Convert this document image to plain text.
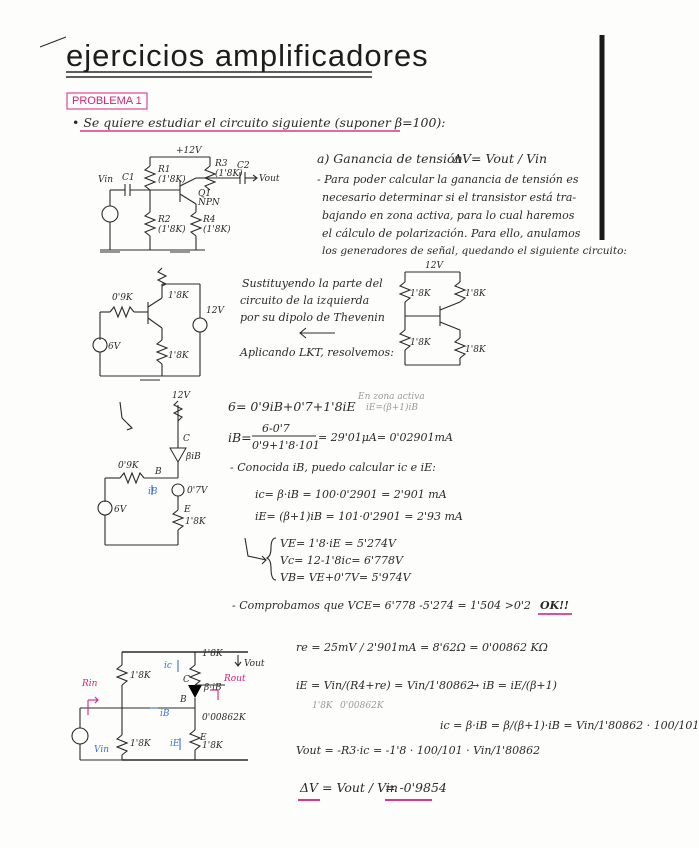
ejercicios amplificadores
PROBLEMA 1
• Se quiere estudiar el circuito siguiente (suponer β=100):
+12V
R1
(1'8K)
R3
(1'8K)
R2
(1'8K)
R4
(1'8K)
Q1
NPN
C1
C2
Vin	Vout
a) Ganancia de tensión
ΔV= Vout / Vin
- Para poder calcular la ganancia de tensión es
necesario determinar si el transistor está tra-
bajando en zona activa, para lo cual haremos
el cálculo de polarización. Para ello, anulamos
los generadores de señal, quedando el siguiente circuito:
0'9K
6V
1'8K
1'8K
12V
Sustituyendo la parte del
circuito de la izquierda
por su dipolo de Thevenin
Aplicando LKT, resolvemos:
12V
1'8K	1'8K
1'8K
1'8K
12V
C
βiB
0'9K
B
iB	0'7V
E
1'8K
6V
6= 0'9iB+0'7+1'8iE
En zona activa
iE=(β+1)iB
iB=
6-0'7
0'9+1'8·101
= 29'01μA= 0'02901mA
- Conocida iB, puedo calcular ic e iE:
ic= β·iB = 100·0'2901 = 2'901 mA
iE= (β+1)iB = 101·0'2901 = 2'93 mA
VE= 1'8·iE = 5'274V
Vc= 12-1'8ic= 6'778V
VB= VE+0'7V= 5'974V
- Comprobamos que VCE= 6'778 -5'274 = 1'504 >0'2 OK!!
1'8K
1'8K
1'8K
1'8K
Rin	Rout
Vout
Vin
ic
iB
iE
B
C
E
β·iB
0'00862K
re = 25mV / 2'901mA = 8'62Ω = 0'00862 KΩ
iE = Vin/(R4+re) = Vin/1'80862
→ iB = iE/(β+1)
1'8K 0'00862K
ic = β·iB = β/(β+1)·iB = Vin/1'80862 · 100/101
Vout = -R3·ic = -1'8 · 100/101 · Vin/1'80862
ΔV = Vout / Vin
= -0'9854
